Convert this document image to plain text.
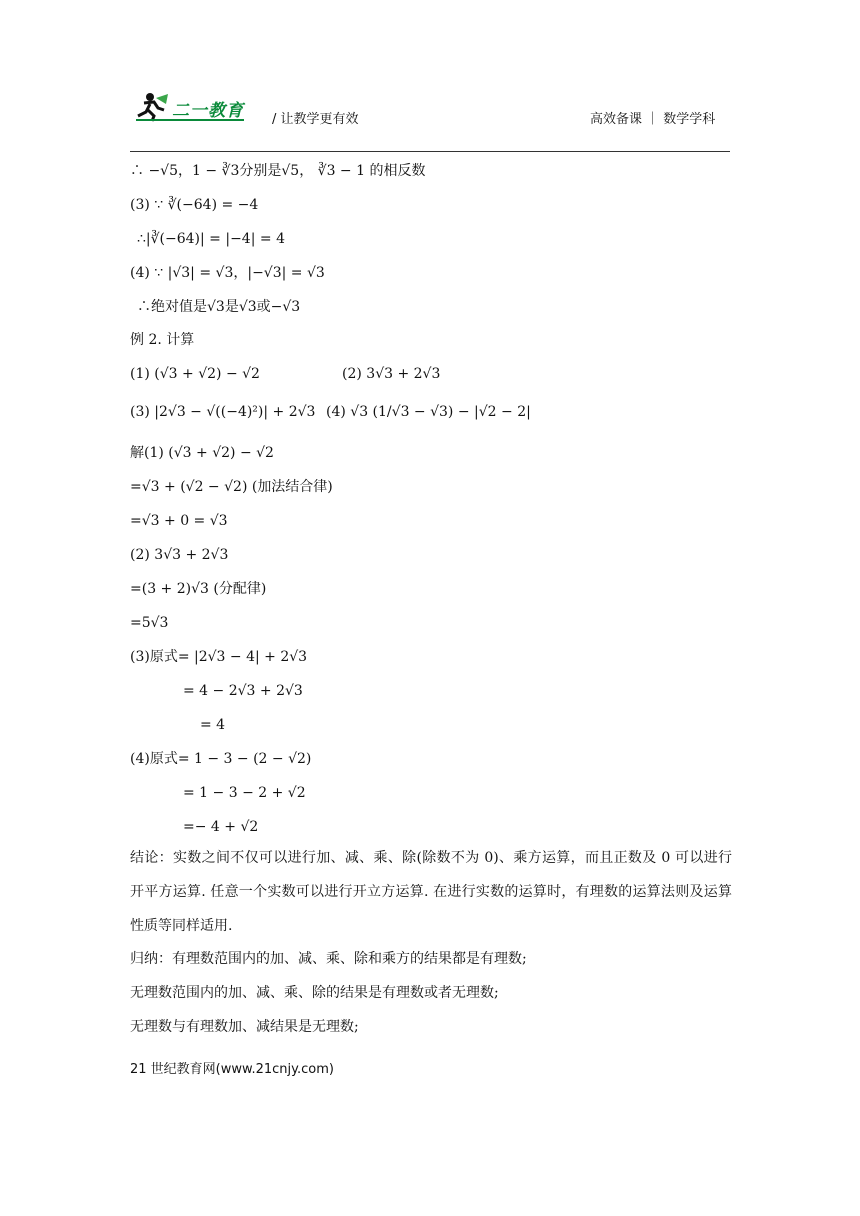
二一教育 / 让教学更有效	高效备课 ｜ 数学学科
∴ −√5，1 − ∛3分别是√5， ∛3 − 1 的相反数
(3) ∵ ∛(−64) = −4
∴|∛(−64)| = |−4| = 4
(4) ∵ |√3| = √3，|−√3| = √3
∴绝对值是√3是√3或−√3
例 2. 计算
(1) (√3 + √2) − √2	(2) 3√3 + 2√3
(3) |2√3 − √((−4)²)| + 2√3 (4) √3 (1/√3 − √3) − |√2 − 2|
解(1) (√3 + √2) − √2
=√3 + (√2 − √2) (加法结合律)
=√3 + 0 = √3
(2) 3√3 + 2√3
=(3 + 2)√3 (分配律)
=5√3
(3)原式= |2√3 − 4| + 2√3
= 4 − 2√3 + 2√3
= 4
(4)原式= 1 − 3 − (2 − √2)
= 1 − 3 − 2 + √2
=− 4 + √2
结论：实数之间不仅可以进行加、减、乘、除(除数不为 0)、乘方运算，而且正数及 0 可以进行开平方运算. 任意一个实数可以进行开立方运算. 在进行实数的运算时，有理数的运算法则及运算性质等同样适用.
归纳：有理数范围内的加、减、乘、除和乘方的结果都是有理数;
无理数范围内的加、减、乘、除的结果是有理数或者无理数;
无理数与有理数加、减结果是无理数;
21 世纪教育网(www.21cnjy.com)
